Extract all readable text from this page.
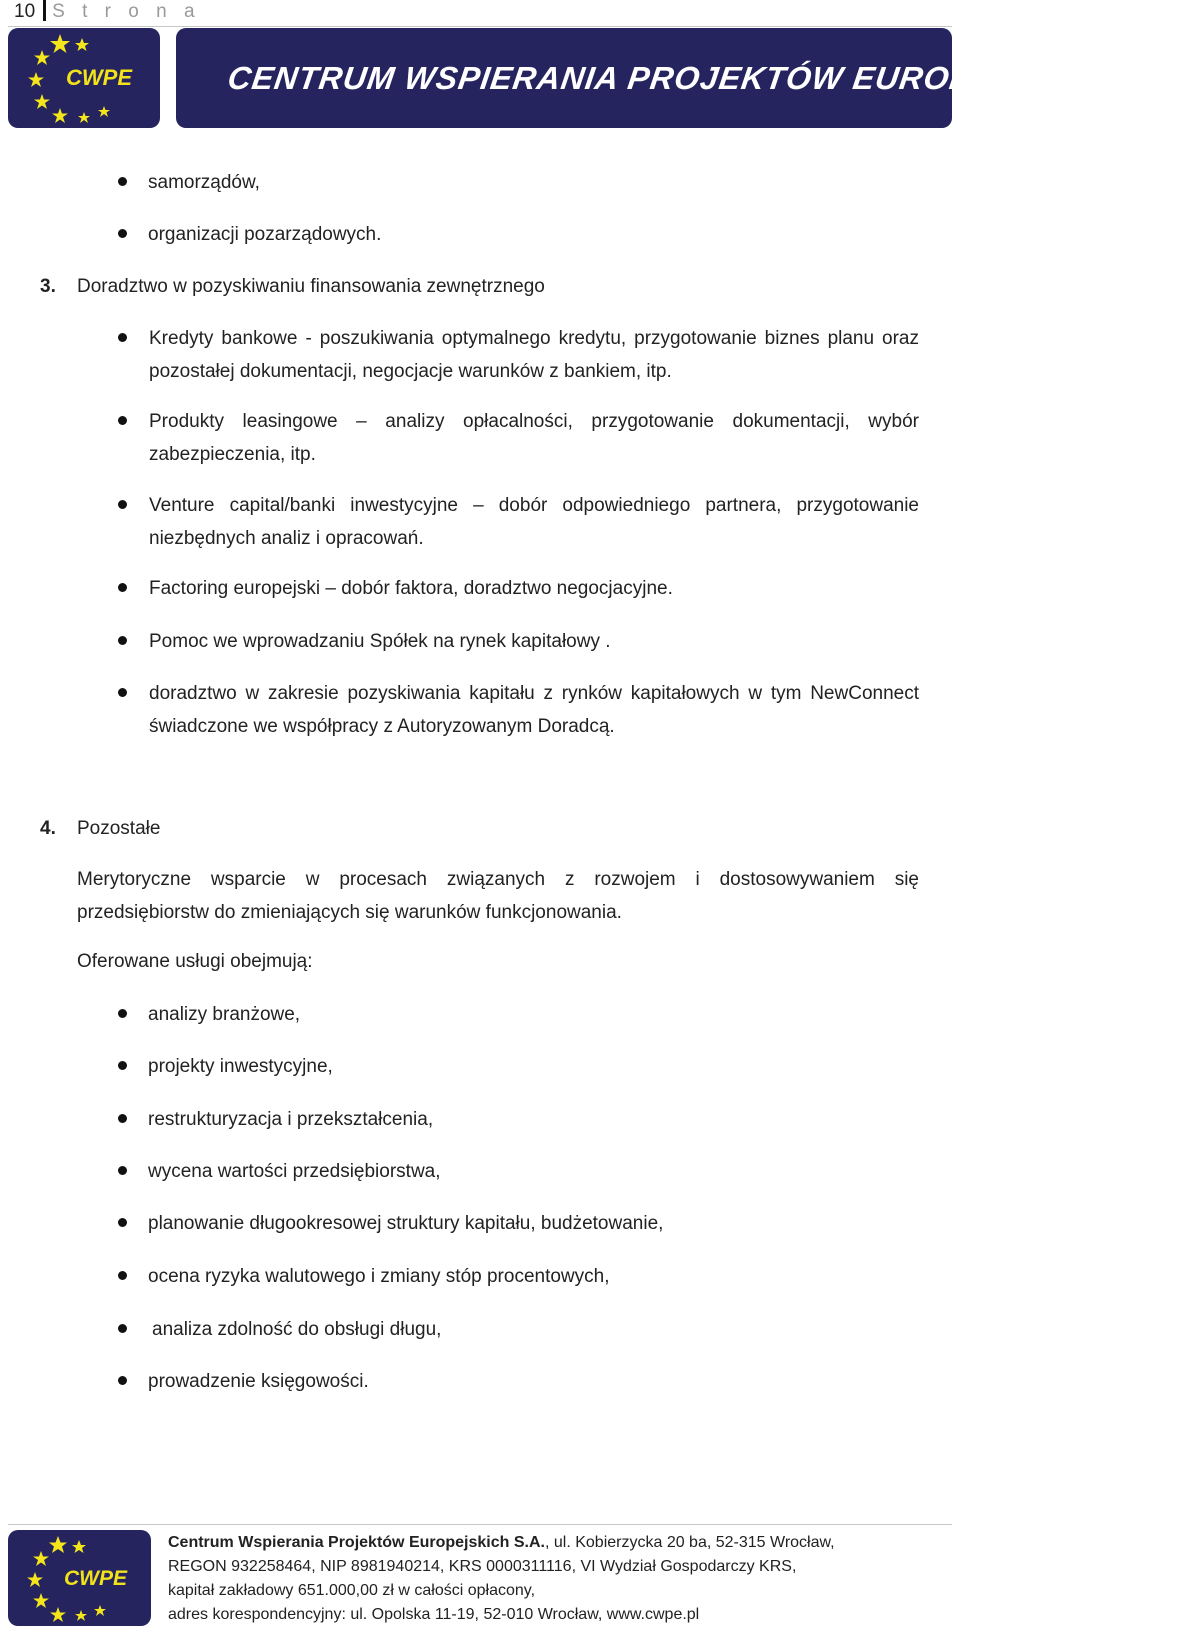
10 S t r o n a
CWPE	CENTRUM WSPIERANIA PROJEKTÓW EUROPEJSKICH S.A.
samorządów,
organizacji pozarządowych.
3. Doradztwo w pozyskiwaniu finansowania zewnętrznego
Kredyty bankowe - poszukiwania optymalnego kredytu, przygotowanie biznes planu oraz pozostałej dokumentacji, negocjacje warunków z bankiem, itp.
Produkty leasingowe – analizy opłacalności, przygotowanie dokumentacji, wybór zabezpieczenia, itp.
Venture capital/banki inwestycyjne – dobór odpowiedniego partnera, przygotowanie niezbędnych analiz i opracowań.
Factoring europejski – dobór faktora, doradztwo negocjacyjne.
Pomoc we wprowadzaniu Spółek na rynek kapitałowy .
doradztwo w zakresie pozyskiwania kapitału z rynków kapitałowych w tym NewConnect świadczone we współpracy z Autoryzowanym Doradcą.
4. Pozostałe
Merytoryczne wsparcie w procesach związanych z rozwojem i dostosowywaniem się przedsiębiorstw do zmieniających się warunków funkcjonowania.
Oferowane usługi obejmują:
analizy branżowe,
projekty inwestycyjne,
restrukturyzacja i przekształcenia,
wycena wartości przedsiębiorstwa,
planowanie długookresowej struktury kapitału, budżetowanie,
ocena ryzyka walutowego i zmiany stóp procentowych,
analiza zdolność do obsługi długu,
prowadzenie księgowości.
CWPE
Centrum Wspierania Projektów Europejskich S.A., ul. Kobierzycka 20 ba, 52-315 Wrocław,
REGON 932258464, NIP 8981940214, KRS 0000311116, VI Wydział Gospodarczy KRS,
kapitał zakładowy 651.000,00 zł w całości opłacony,
adres korespondencyjny: ul. Opolska 11-19, 52-010 Wrocław, www.cwpe.pl
